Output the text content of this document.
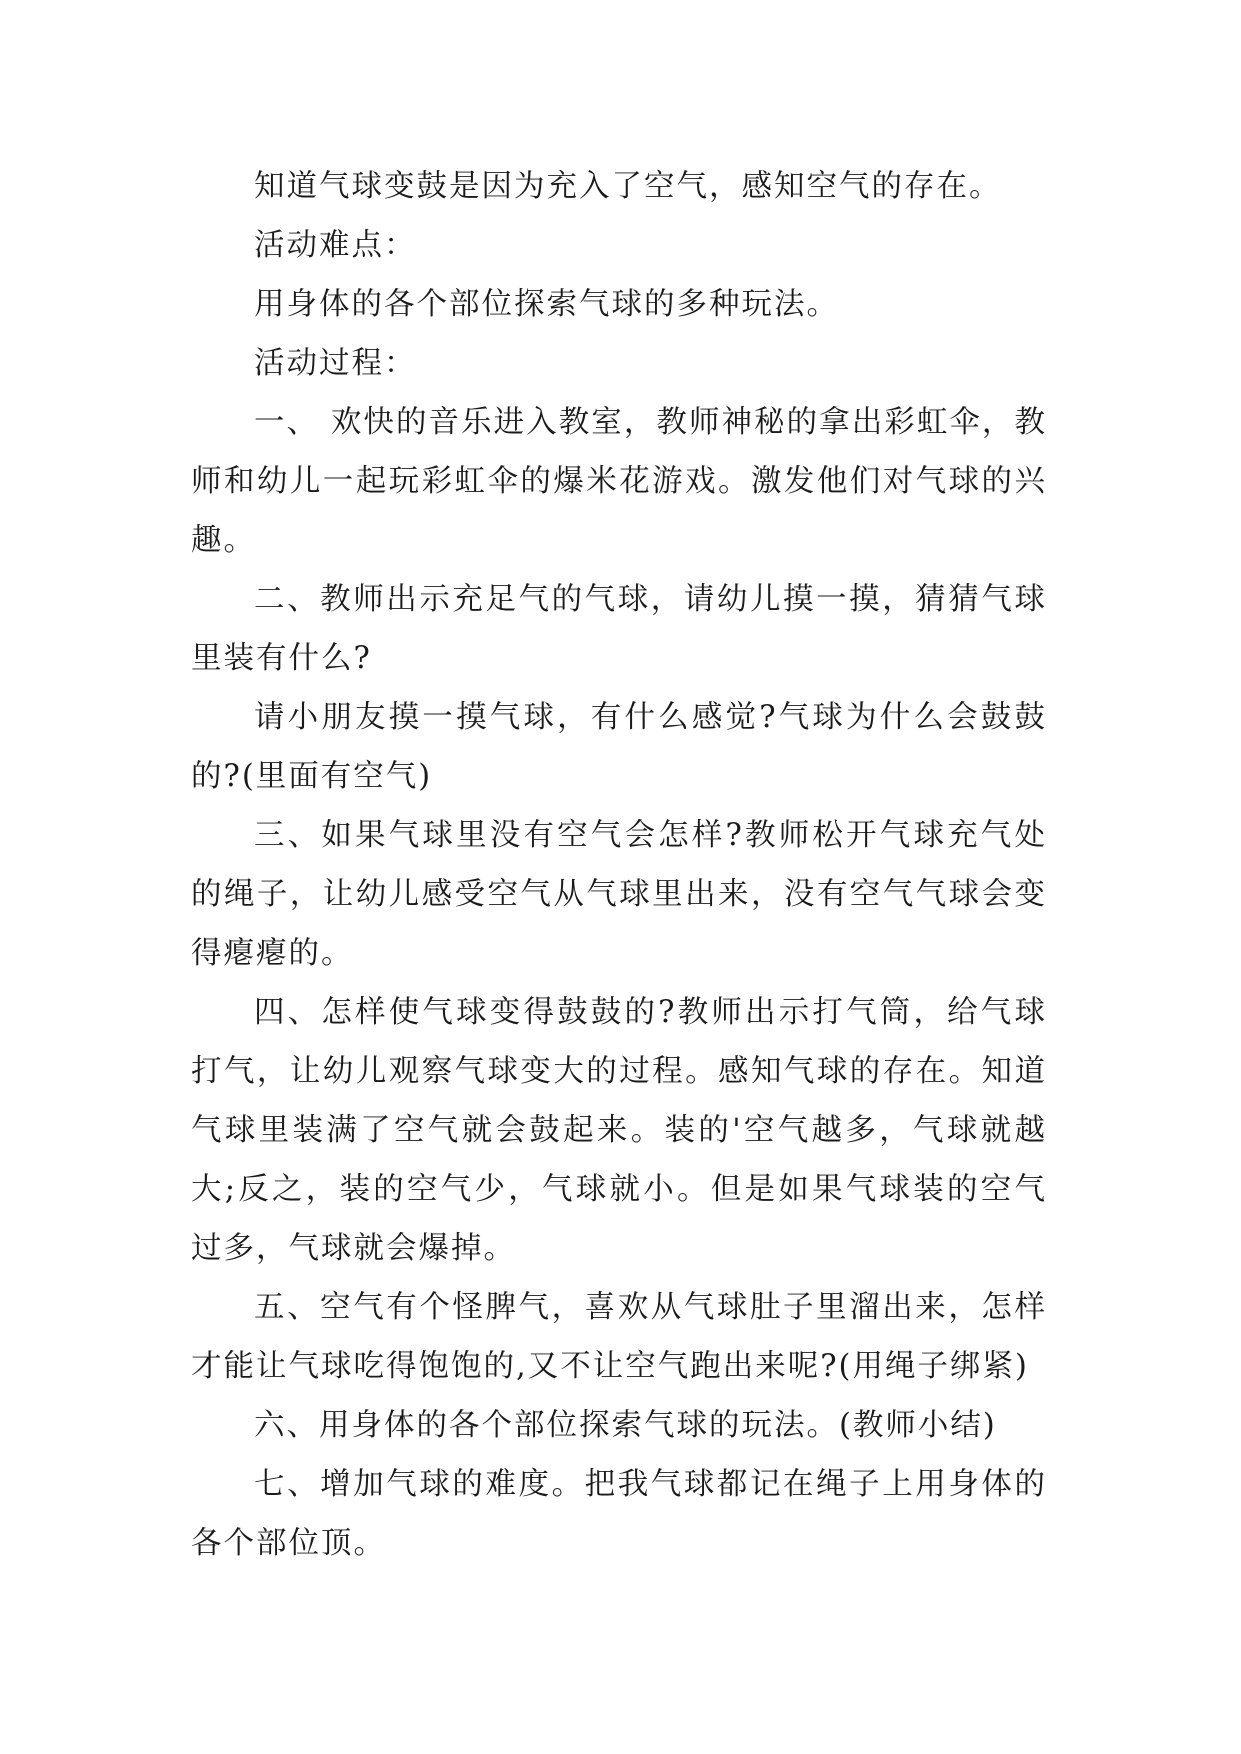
知道气球变鼓是因为充入了空气，感知空气的存在。

活动难点：

用身体的各个部位探索气球的多种玩法。

活动过程：

一、 欢快的音乐进入教室，教师神秘的拿出彩虹伞，教师和幼儿一起玩彩虹伞的爆米花游戏。激发他们对气球的兴趣。

二、教师出示充足气的气球，请幼儿摸一摸，猜猜气球里装有什么?

请小朋友摸一摸气球，有什么感觉?气球为什么会鼓鼓的?(里面有空气)

三、如果气球里没有空气会怎样?教师松开气球充气处的绳子，让幼儿感受空气从气球里出来，没有空气气球会变得瘪瘪的。

四、怎样使气球变得鼓鼓的?教师出示打气筒，给气球打气，让幼儿观察气球变大的过程。感知气球的存在。知道气球里装满了空气就会鼓起来。装的'空气越多，气球就越大;反之，装的空气少，气球就小。但是如果气球装的空气过多，气球就会爆掉。

五、空气有个怪脾气，喜欢从气球肚子里溜出来，怎样才能让气球吃得饱饱的,又不让空气跑出来呢?(用绳子绑紧)

六、用身体的各个部位探索气球的玩法。(教师小结)

七、增加气球的难度。把我气球都记在绳子上用身体的各个部位顶。
